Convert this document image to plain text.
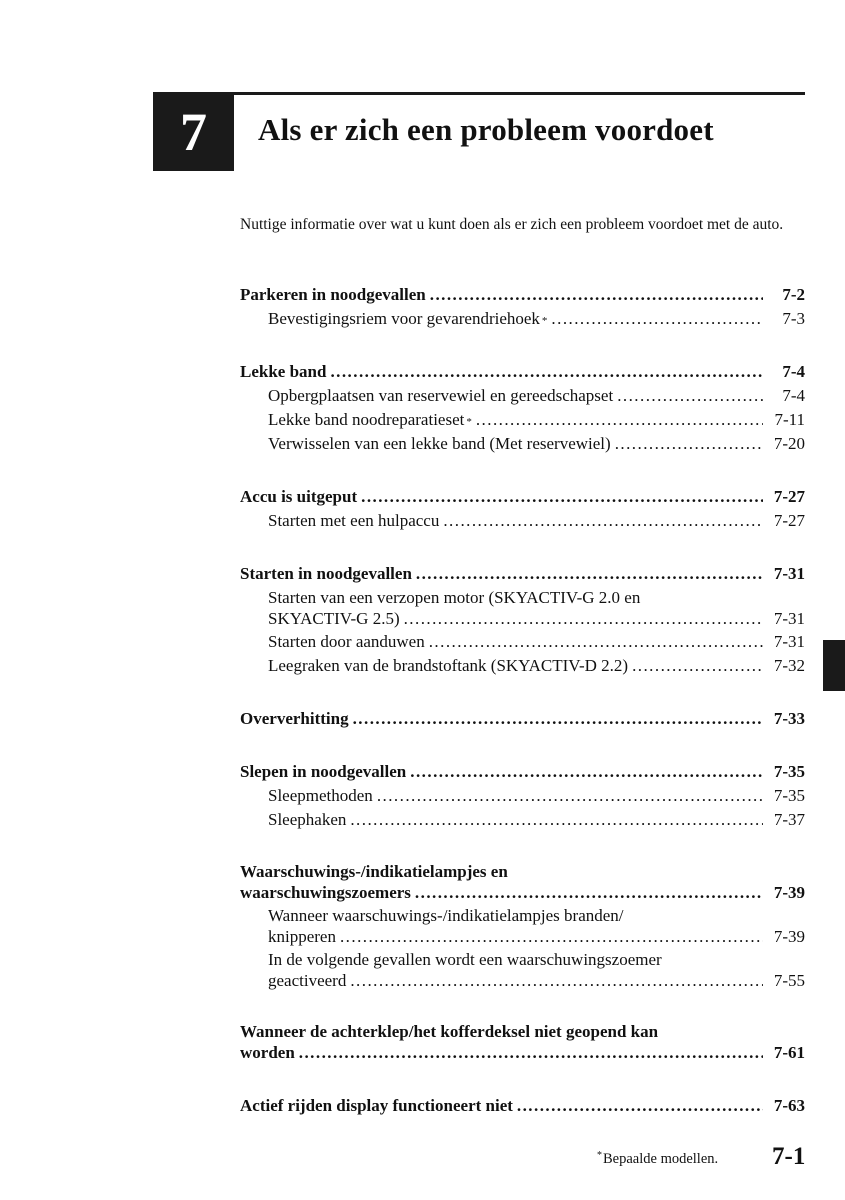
7	Als er zich een probleem voordoet
Nuttige informatie over wat u kunt doen als er zich een probleem voordoet met de auto.
Parkeren in noodgevallen . . .	7-2
Bevestigingsriem voor gevarendriehoek * . . .	7-3
Lekke band . . .	7-4
Opbergplaatsen van reservewiel en gereedschapset . . .	7-4
Lekke band noodreparatieset * . . .	7-11
Verwisselen van een lekke band (Met reservewiel) . . .	7-20
Accu is uitgeput . . .	7-27
Starten met een hulpaccu . . .	7-27
Starten in noodgevallen . . .	7-31
Starten van een verzopen motor (SKYACTIV-G 2.0 en
SKYACTIV-G 2.5) . . .	7-31
Starten door aanduwen . . .	7-31
Leegraken van de brandstoftank (SKYACTIV-D 2.2) . . .	7-32
Oververhitting . . .	7-33
Slepen in noodgevallen . . .	7-35
Sleepmethoden . . .	7-35
Sleephaken . . .	7-37
Waarschuwings-/indikatielampjes en
waarschuwingszoemers . . .	7-39
Wanneer waarschuwings-/indikatielampjes branden/
knipperen . . .	7-39
In de volgende gevallen wordt een waarschuwingszoemer
geactiveerd . . .	7-55
Wanneer de achterklep/het kofferdeksel niet geopend kan
worden . . .	7-61
Actief rijden display functioneert niet . . .	7-63
*Bepaalde modellen. 7-1
